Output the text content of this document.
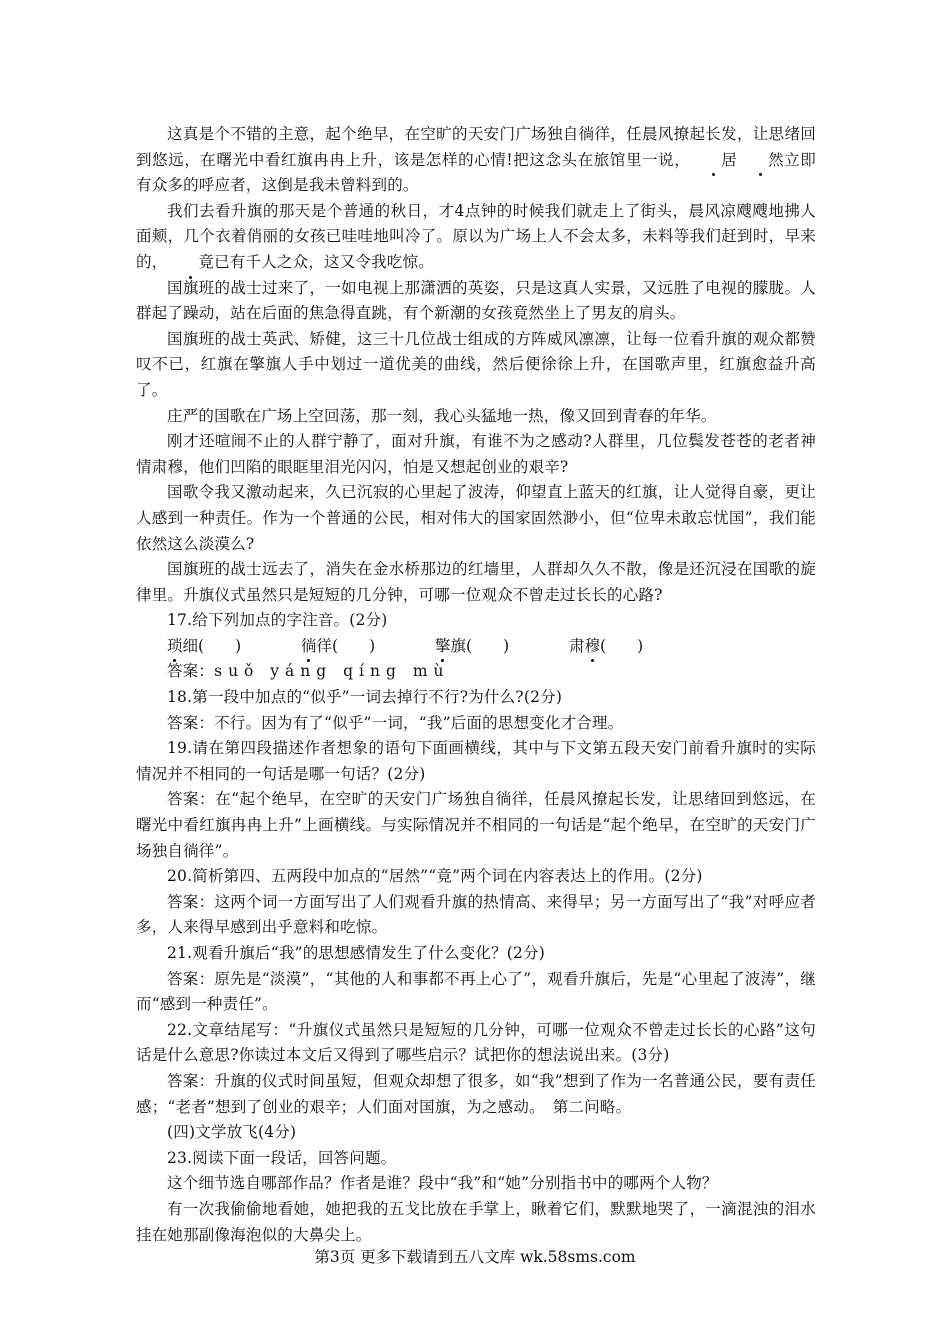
这真是个不错的主意，起个绝早，在空旷的天安门广场独自徜徉，任晨风撩起长发，让思绪回到悠远，在曙光中看红旗冉冉上升，该是怎样的心情!把这念头在旅馆里一说， 居 然立即有众多的呼应者，这倒是我未曾料到的。

我们去看升旗的那天是个普通的秋日，才4点钟的时候我们就走上了街头，晨风凉飕飕地拂人面颊，几个衣着俏丽的女孩已哇哇地叫冷了。原以为广场上人不会太多，未料等我们赶到时，早来的， 竟已有千人之众，这又令我吃惊。

国旗班的战士过来了，一如电视上那潇洒的英姿，只是这真人实景，又远胜了电视的朦胧。人群起了躁动，站在后面的焦急得直跳，有个新潮的女孩竟然坐上了男友的肩头。

国旗班的战士英武、矫健，这三十几位战士组成的方阵威风凛凛，让每一位看升旗的观众都赞叹不已，红旗在擎旗人手中划过一道优美的曲线，然后便徐徐上升，在国歌声里，红旗愈益升高了。

庄严的国歌在广场上空回荡，那一刻，我心头猛地一热，像又回到青春的年华。

刚才还喧闹不止的人群宁静了，面对升旗，有谁不为之感动?人群里，几位鬓发苍苍的老者神情肃穆，他们凹陷的眼眶里泪光闪闪，怕是又想起创业的艰辛?

国歌令我又激动起来，久已沉寂的心里起了波涛，仰望直上蓝天的红旗，让人觉得自豪，更让人感到一种责任。作为一个普通的公民，相对伟大的国家固然渺小，但“位卑未敢忘忧国”，我们能依然这么淡漠么?

国旗班的战士远去了，消失在金水桥那边的红墙里，人群却久久不散，像是还沉浸在国歌的旋律里。升旗仪式虽然只是短短的几分钟，可哪一位观众不曾走过长长的心路?

17.给下列加点的字注音。(2分)

琐细(　　)	徜徉(　　)	擎旗(　　)	肃穆(　　)

答案：suǒ yáng qíng mù

18.第一段中加点的“似乎”一词去掉行不行?为什么?(2分)

答案：不行。因为有了“似乎”一词，“我”后面的思想变化才合理。

19.请在第四段描述作者想象的语句下面画横线，其中与下文第五段天安门前看升旗时的实际情况并不相同的一句话是哪一句话？(2分)

答案：在“起个绝早，在空旷的天安门广场独自徜徉，任晨风撩起长发，让思绪回到悠远，在曙光中看红旗冉冉上升”上画横线。与实际情况并不相同的一句话是“起个绝早，在空旷的天安门广场独自徜徉”。

20.简析第四、五两段中加点的“居然”“竟”两个词在内容表达上的作用。(2分)

答案：这两个词一方面写出了人们观看升旗的热情高、来得早；另一方面写出了“我”对呼应者多，人来得早感到出乎意料和吃惊。

21.观看升旗后“我”的思想感情发生了什么变化？(2分)

答案：原先是“淡漠”，“其他的人和事都不再上心了”，观看升旗后，先是“心里起了波涛”，继而“感到一种责任”。

22.文章结尾写：“升旗仪式虽然只是短短的几分钟，可哪一位观众不曾走过长长的心路”这句话是什么意思?你读过本文后又得到了哪些启示？试把你的想法说出来。(3分)

答案：升旗的仪式时间虽短，但观众却想了很多，如“我”想到了作为一名普通公民，要有责任感；“老者”想到了创业的艰辛；人们面对国旗，为之感动。　第二问略。

(四)文学放飞(4分)

23.阅读下面一段话，回答问题。

这个细节选自哪部作品？作者是谁？段中“我”和“她”分别指书中的哪两个人物？

有一次我偷偷地看她，她把我的五戈比放在手掌上，瞅着它们，默默地哭了，一滴混浊的泪水挂在她那副像海泡似的大鼻尖上。

第3页 更多下载请到五八文库 wk.58sms.com
